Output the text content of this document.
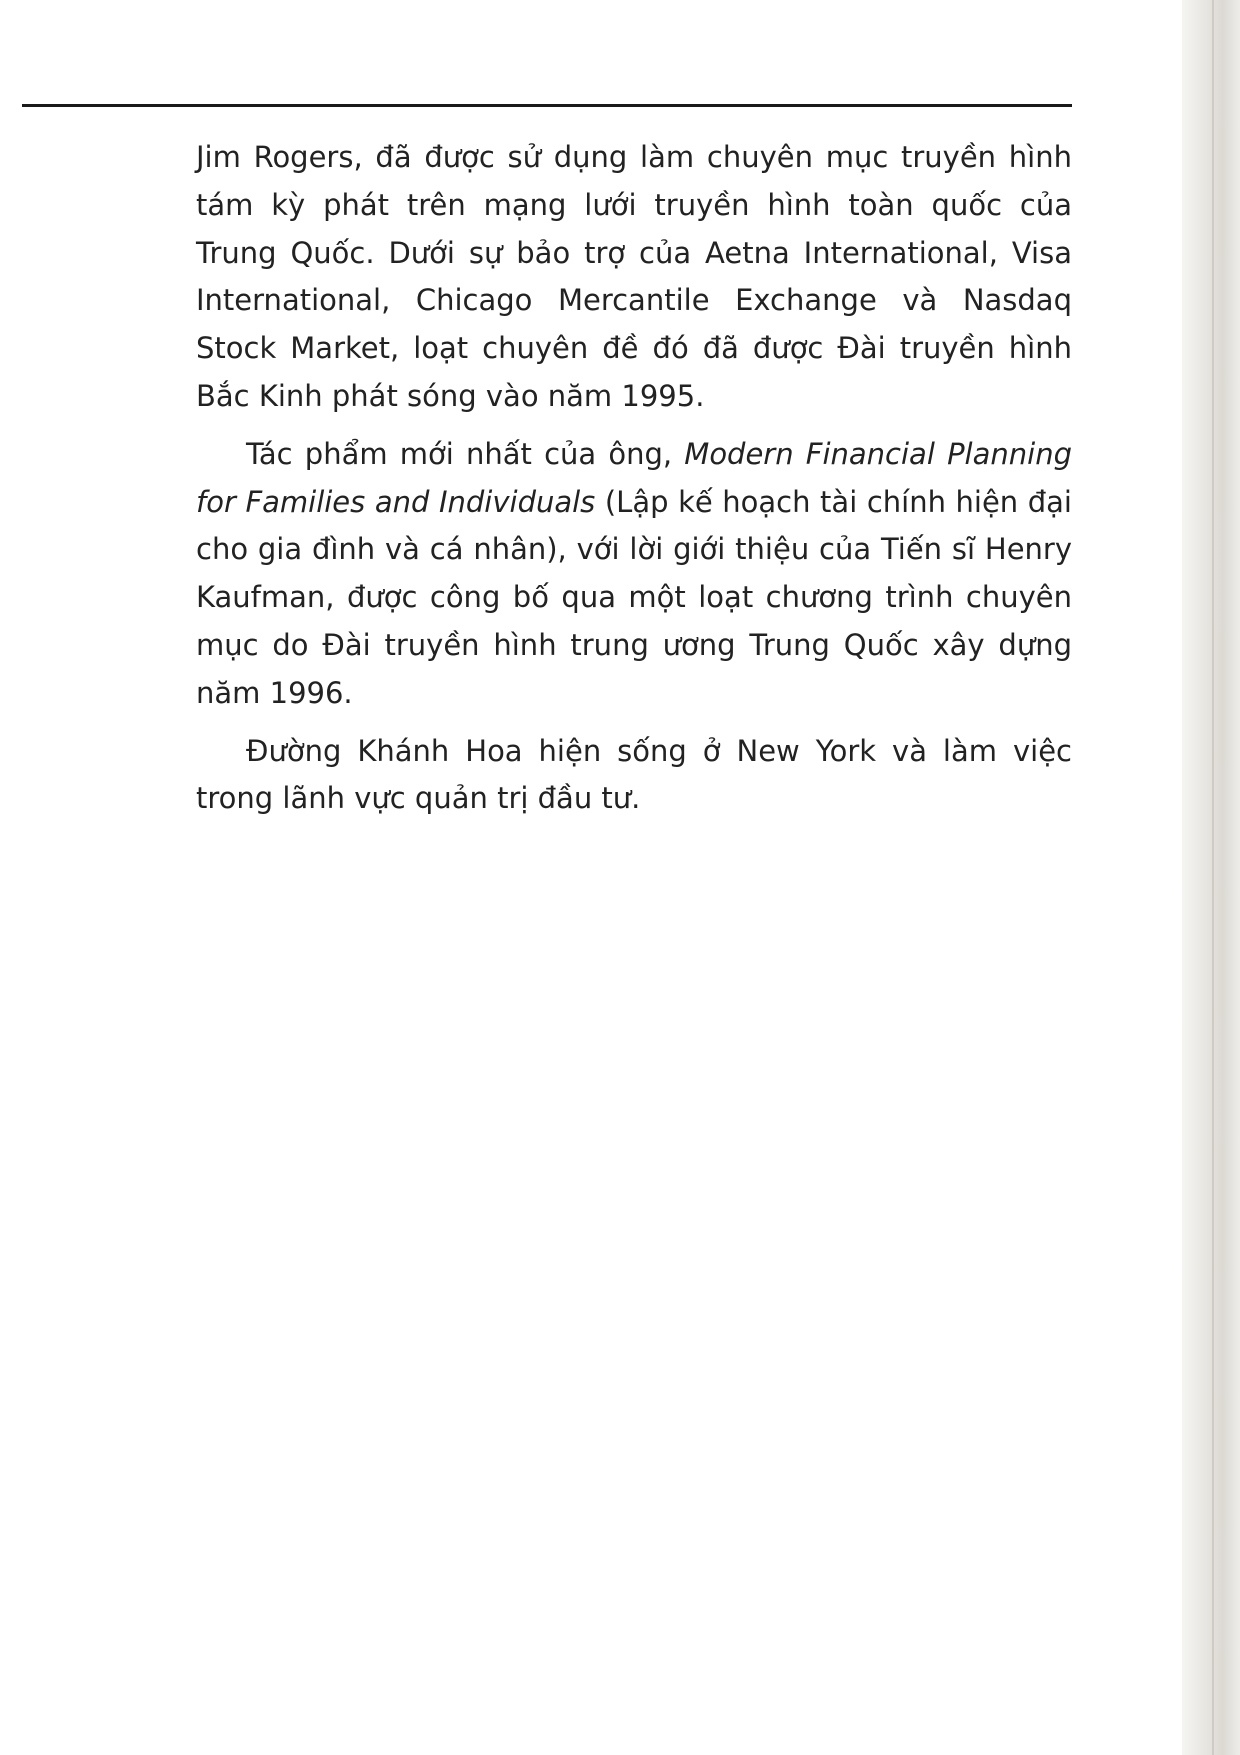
Jim Rogers, đã được sử dụng làm chuyên mục truyền hình tám kỳ phát trên mạng lưới truyền hình toàn quốc của Trung Quốc. Dưới sự bảo trợ của Aetna International, Visa International, Chicago Mercantile Exchange và Nasdaq Stock Market, loạt chuyên đề đó đã được Đài truyền hình Bắc Kinh phát sóng vào năm 1995.

Tác phẩm mới nhất của ông, Modern Financial Planning for Families and Individuals (Lập kế hoạch tài chính hiện đại cho gia đình và cá nhân), với lời giới thiệu của Tiến sĩ Henry Kaufman, được công bố qua một loạt chương trình chuyên mục do Đài truyền hình trung ương Trung Quốc xây dựng năm 1996.

Đường Khánh Hoa hiện sống ở New York và làm việc trong lãnh vực quản trị đầu tư.
